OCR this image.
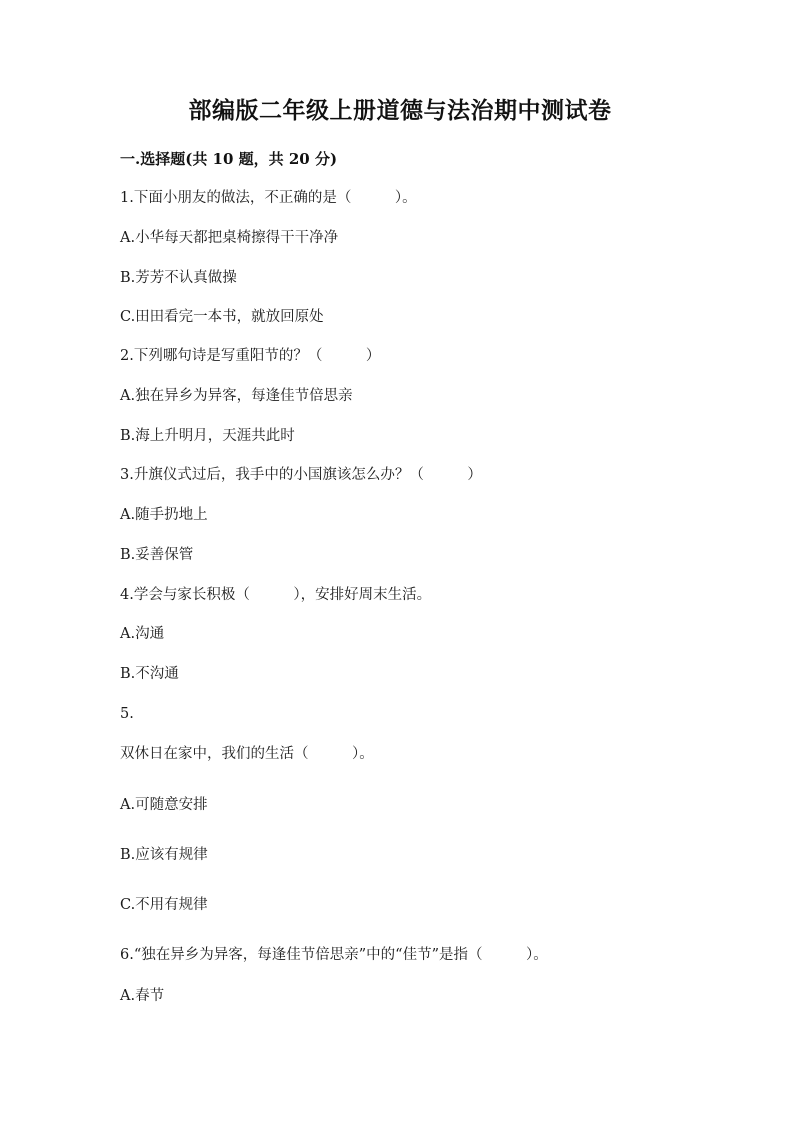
部编版二年级上册道德与法治期中测试卷
一.选择题(共 10 题，共 20 分)
1.下面小朋友的做法，不正确的是（　　　）。
A.小华每天都把桌椅擦得干干净净
B.芳芳不认真做操
C.田田看完一本书，就放回原处
2.下列哪句诗是写重阳节的？（　　　）
A.独在异乡为异客，每逢佳节倍思亲
B.海上升明月，天涯共此时
3.升旗仪式过后，我手中的小国旗该怎么办？（　　　）
A.随手扔地上
B.妥善保管
4.学会与家长积极（　　　），安排好周末生活。
A.沟通
B.不沟通
5.
双休日在家中，我们的生活（　　　）。
A.可随意安排
B.应该有规律
C.不用有规律
6.“独在异乡为异客，每逢佳节倍思亲”中的“佳节”是指（　　　）。
A.春节
